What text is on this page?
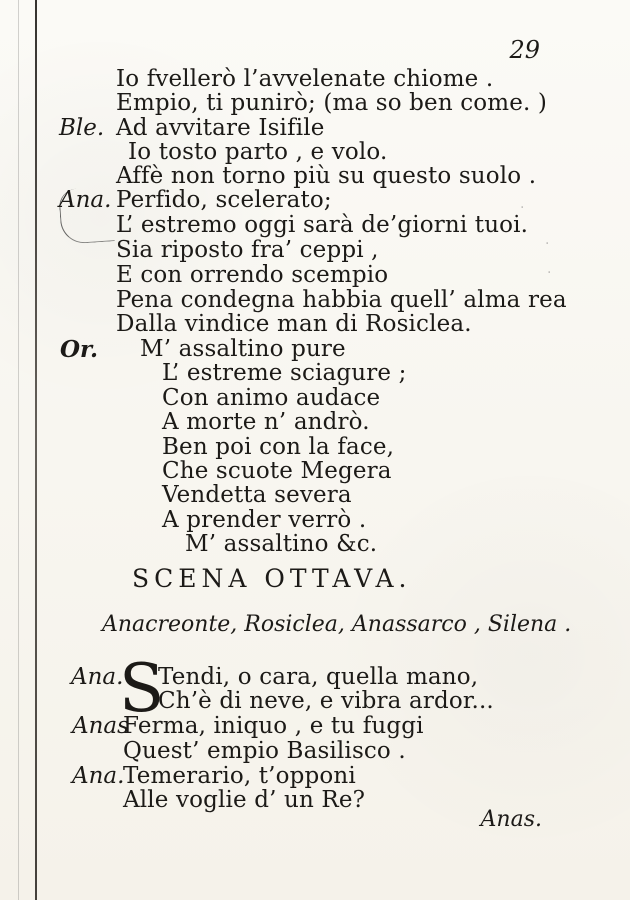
29
·
·
·
Io fvellerò l’avvelenate chiome .
Empio, ti punirò; (ma so ben come. )
Ble. Ad avvitare Isifile
Io tosto parto , e volo.
Affè non torno più su questo suolo .
Ana. Perfido, scelerato;
L’ estremo oggi sarà de’giorni tuoi.
Sia riposto fra’ ceppi ,
E con orrendo scempio
Pena condegna habbia quell’ alma rea
Dalla vindice man di Rosiclea.
Or. M’ assaltino pure
L’ estreme sciagure ;
Con animo audace
A morte n’ andrò.
Ben poi con la face,
Che scuote Megera
Vendetta severa
A prender verrò .
M’ assaltino &c.
SCENA OTTAVA.
Anacreonte, Rosiclea, Anassarco , Silena .
Ana.
S
Tendi, o cara, quella mano,
Ch’è di neve, e vibra ardor...
Anas
Ferma, iniquo , e tu fuggi
Quest’ empio Basilisco .
Ana.
Temerario, t’opponi
Alle voglie d’ un Re?
Anas.
